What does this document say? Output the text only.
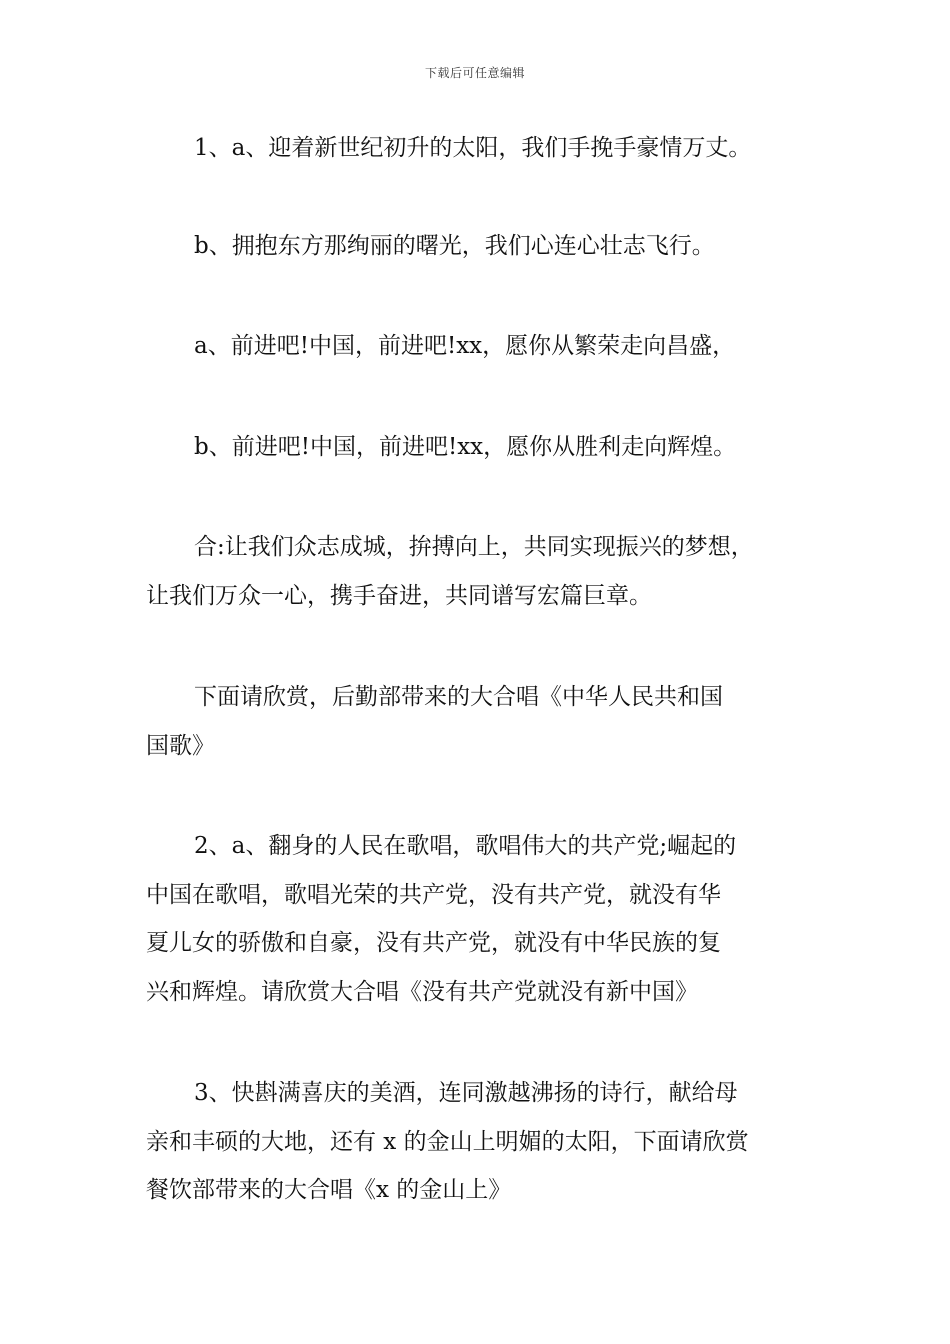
下载后可任意编辑
1、a、迎着新世纪初升的太阳，我们手挽手豪情万丈。
b、拥抱东方那绚丽的曙光，我们心连心壮志飞行。
a、前进吧!中国，前进吧!xx，愿你从繁荣走向昌盛，
b、前进吧!中国，前进吧!xx，愿你从胜利走向辉煌。
合:让我们众志成城，拚搏向上，共同实现振兴的梦想，
让我们万众一心，携手奋进，共同谱写宏篇巨章。
下面请欣赏，后勤部带来的大合唱《中华人民共和国
国歌》
2、a、翻身的人民在歌唱，歌唱伟大的共产党;崛起的
中国在歌唱，歌唱光荣的共产党，没有共产党，就没有华
夏儿女的骄傲和自豪，没有共产党，就没有中华民族的复
兴和辉煌。请欣赏大合唱《没有共产党就没有新中国》
3、快斟满喜庆的美酒，连同激越沸扬的诗行，献给母
亲和丰硕的大地，还有 x 的金山上明媚的太阳，下面请欣赏
餐饮部带来的大合唱《x 的金山上》
